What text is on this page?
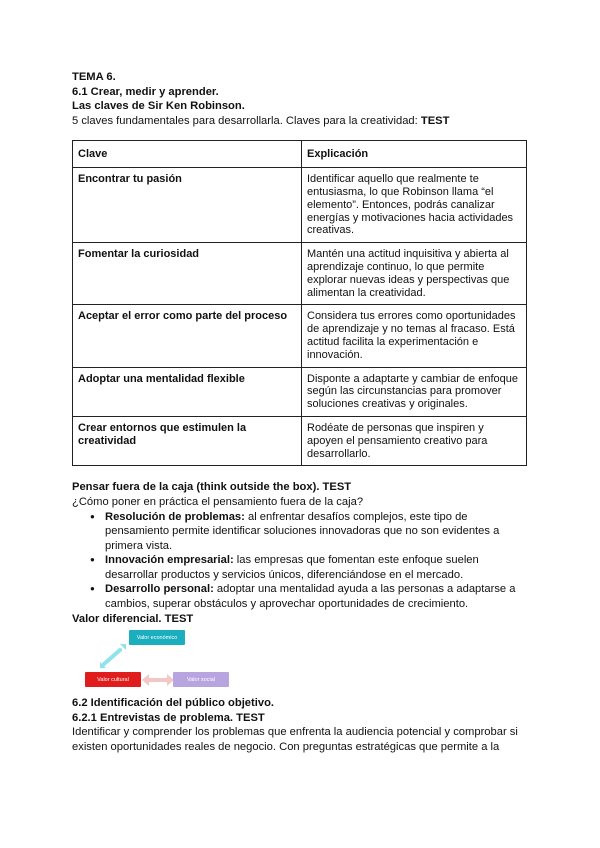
TEMA 6.
6.1 Crear, medir y aprender.
Las claves de Sir Ken Robinson.
5 claves fundamentales para desarrollarla. Claves para la creatividad: TEST
Clave	Explicación
Encontrar tu pasión	Identificar aquello que realmente te entusiasma, lo que Robinson llama “el elemento”. Entonces, podrás canalizar energías y motivaciones hacia actividades creativas.
Fomentar la curiosidad	Mantén una actitud inquisitiva y abierta al aprendizaje continuo, lo que permite explorar nuevas ideas y perspectivas que alimentan la creatividad.
Aceptar el error como parte del proceso	Considera tus errores como oportunidades de aprendizaje y no temas al fracaso. Está actitud facilita la experimentación e innovación.
Adoptar una mentalidad flexible	Disponte a adaptarte y cambiar de enfoque según las circunstancias para promover soluciones creativas y originales.
Crear entornos que estimulen la creatividad	Rodéate de personas que inspiren y apoyen el pensamiento creativo para desarrollarlo.
Pensar fuera de la caja (think outside the box). TEST
¿Cómo poner en práctica el pensamiento fuera de la caja?
● Resolución de problemas: al enfrentar desafíos complejos, este tipo de pensamiento permite identificar soluciones innovadoras que no son evidentes a primera vista.
● Innovación empresarial: las empresas que fomentan este enfoque suelen desarrollar productos y servicios únicos, diferenciándose en el mercado.
● Desarrollo personal: adoptar una mentalidad ayuda a las personas a adaptarse a cambios, superar obstáculos y aprovechar oportunidades de crecimiento.
Valor diferencial. TEST
Valor económico
Valor cultural	Valor social
6.2 Identificación del público objetivo.
6.2.1 Entrevistas de problema. TEST
Identificar y comprender los problemas que enfrenta la audiencia potencial y comprobar si existen oportunidades reales de negocio. Con preguntas estratégicas que permite a la
